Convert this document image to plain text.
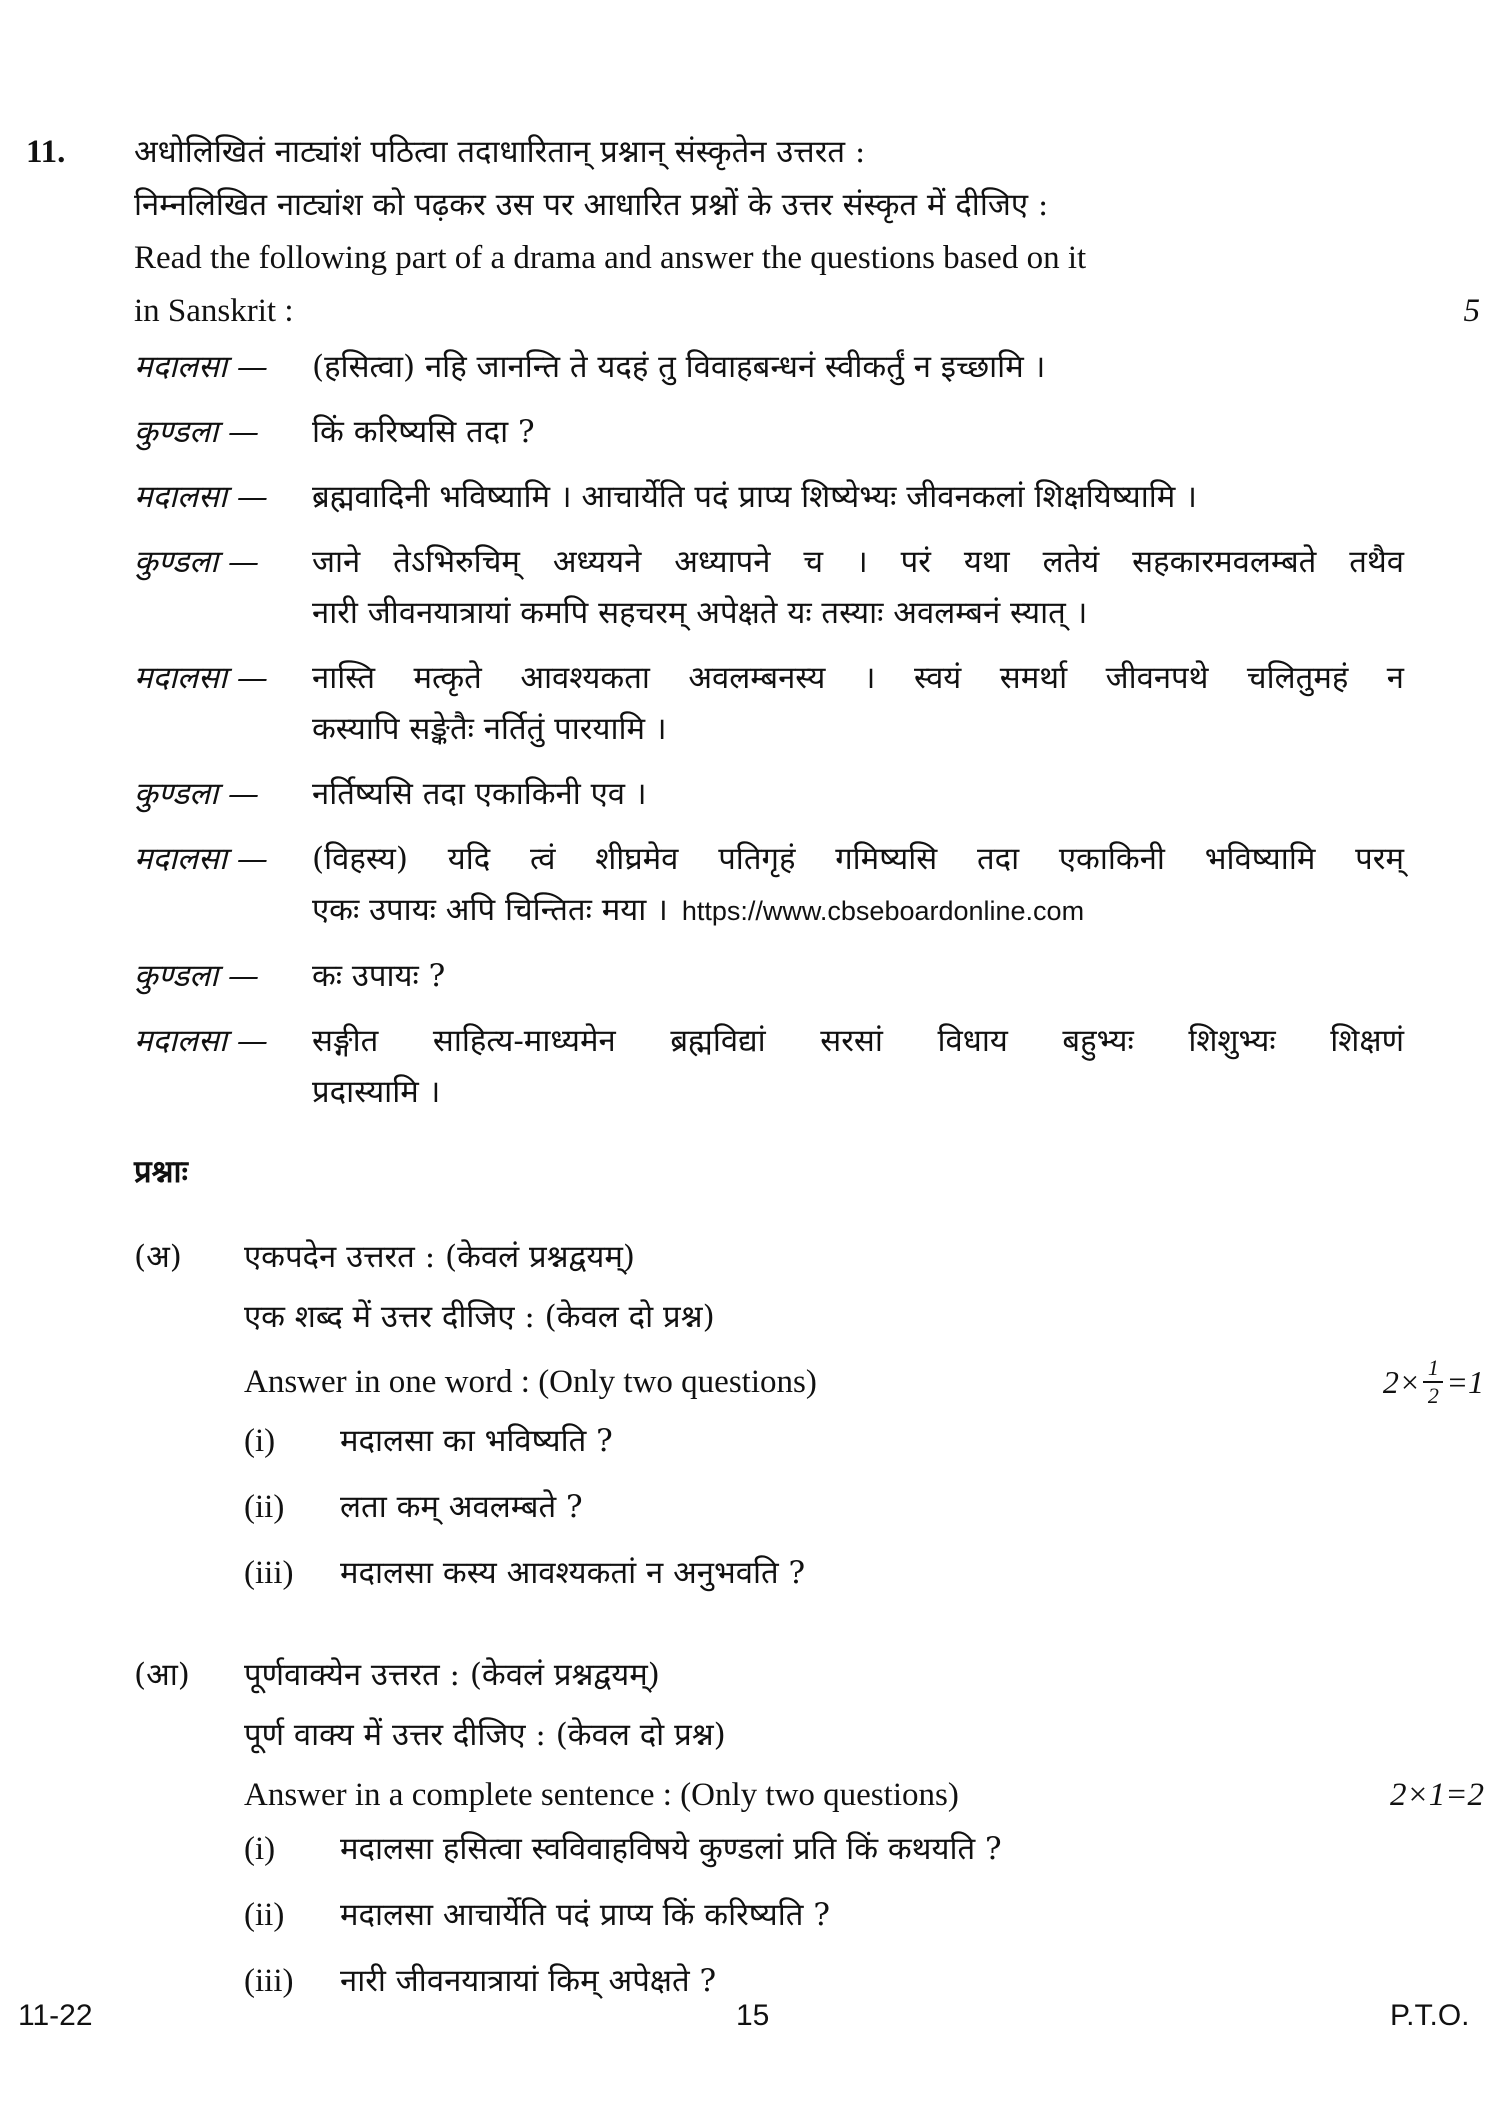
11.	अधोलिखितं नाट्यांशं पठित्वा तदाधारितान् प्रश्नान् संस्कृतेन उत्तरत :
निम्नलिखित नाट्यांश को पढ़कर उस पर आधारित प्रश्नों के उत्तर संस्कृत में दीजिए :
Read the following part of a drama and answer the questions based on it
in Sanskrit :	5
मदालसा —	(हसित्वा) नहि जानन्ति ते यदहं तु विवाहबन्धनं स्वीकर्तुं न इच्छामि ।
कुण्डला —	किं करिष्यसि तदा ?
मदालसा —	ब्रह्मवादिनी भविष्यामि । आचार्येति पदं प्राप्य शिष्येभ्यः जीवनकलां शिक्षयिष्यामि ।
कुण्डला —	जाने तेऽभिरुचिम् अध्ययने अध्यापने च । परं यथा लतेयं सहकारमवलम्बते तथैव
नारी जीवनयात्रायां कमपि सहचरम् अपेक्षते यः तस्याः अवलम्बनं स्यात् ।
मदालसा —	नास्ति मत्कृते आवश्यकता अवलम्बनस्य । स्वयं समर्था जीवनपथे चलितुमहं न
कस्यापि सङ्केतैः नर्तितुं पारयामि ।
कुण्डला —	नर्तिष्यसि तदा एकाकिनी एव ।
मदालसा —	(विहस्य) यदि त्वं शीघ्रमेव पतिगृहं गमिष्यसि तदा एकाकिनी भविष्यामि परम्
एकः उपायः अपि चिन्तितः मया । https://www.cbseboardonline.com
कुण्डला —	कः उपायः ?
मदालसा —	सङ्गीत साहित्य-माध्यमेन ब्रह्मविद्यां सरसां विधाय बहुभ्यः शिशुभ्यः शिक्षणं
प्रदास्यामि ।
प्रश्नाः
(अ)	एकपदेन उत्तरत : (केवलं प्रश्नद्वयम्)
एक शब्द में उत्तर दीजिए : (केवल दो प्रश्न)
Answer in one word : (Only two questions)	2× 1
2 =1
(i)	मदालसा का भविष्यति ?
(ii)	लता कम् अवलम्बते ?
(iii)	मदालसा कस्य आवश्यकतां न अनुभवति ?
(आ)	पूर्णवाक्येन उत्तरत : (केवलं प्रश्नद्वयम्)
पूर्ण वाक्य में उत्तर दीजिए : (केवल दो प्रश्न)
Answer in a complete sentence : (Only two questions)	2×1=2
(i)	मदालसा हसित्वा स्वविवाहविषये कुण्डलां प्रति किं कथयति ?
(ii)	मदालसा आचार्येति पदं प्राप्य किं करिष्यति ?
(iii)	नारी जीवनयात्रायां किम् अपेक्षते ?
11-22	15	P.T.O.
